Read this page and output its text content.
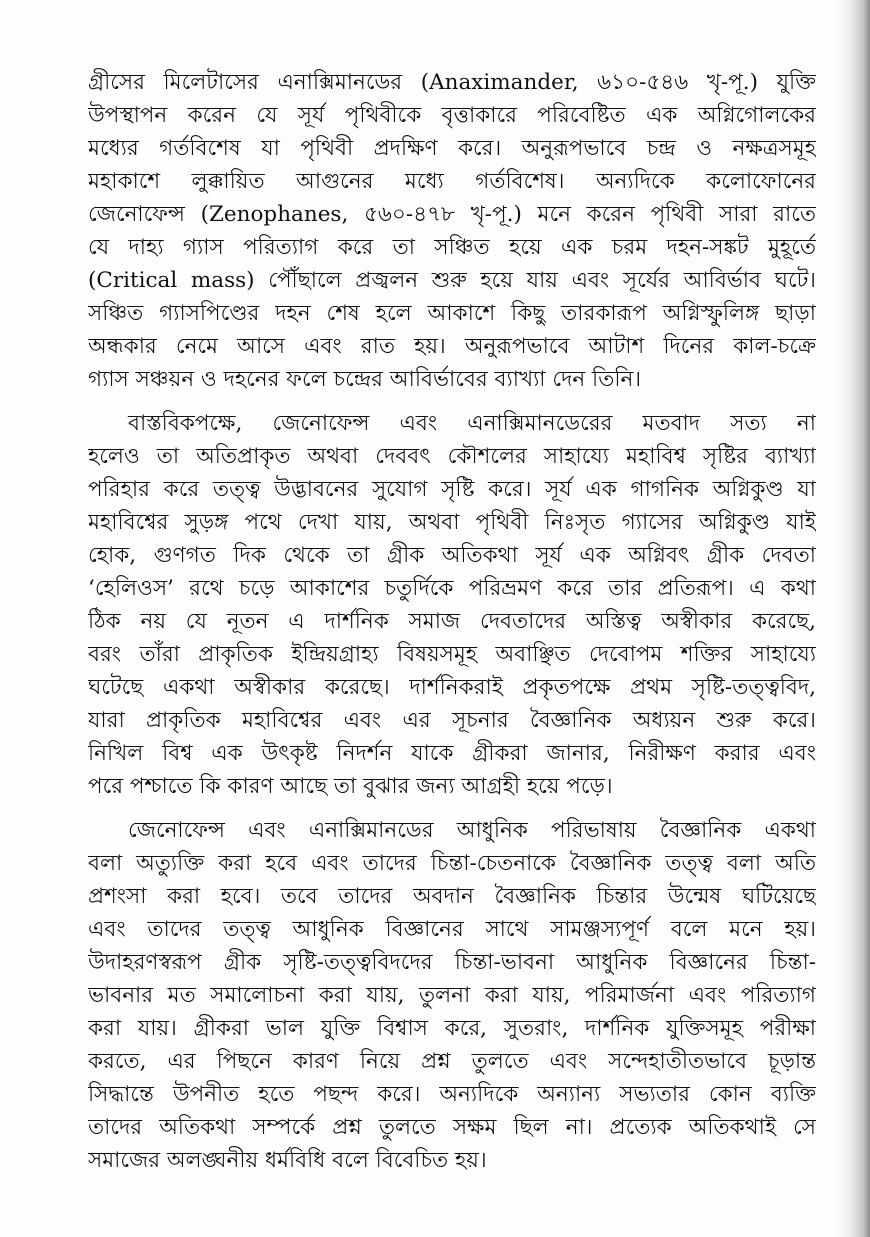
গ্রীসের মিলেটাসের এনাক্সিমানডের (Anaximander, ৬১০-৫৪৬ খৃ-পূ.) যুক্তি
উপস্থাপন করেন যে সূর্য পৃথিবীকে বৃত্তাকারে পরিবেষ্টিত এক অগ্নিগোলকের
মধ্যের গর্তবিশেষ যা পৃথিবী প্রদক্ষিণ করে। অনুরূপভাবে চন্দ্র ও নক্ষত্রসমূহ
মহাকাশে লুক্কায়িত আগুনের মধ্যে গর্তবিশেষ। অন্যদিকে কলোফোনের
জেনোফেন্স (Zenophanes, ৫৬০-৪৭৮ খৃ-পূ.) মনে করেন পৃথিবী সারা রাতে
যে দাহ্য গ্যাস পরিত্যাগ করে তা সঞ্চিত হয়ে এক চরম দহন-সঙ্কট মুহূর্তে
(Critical mass) পৌঁছালে প্রজ্বলন শুরু হয়ে যায় এবং সূর্যের আবির্ভাব ঘটে।
সঞ্চিত গ্যাসপিণ্ডের দহন শেষ হলে আকাশে কিছু তারকারূপ অগ্নিস্ফুলিঙ্গ ছাড়া
অন্ধকার নেমে আসে এবং রাত হয়। অনুরূপভাবে আটাশ দিনের কাল-চক্রে
গ্যাস সঞ্চয়ন ও দহনের ফলে চন্দ্রের আবির্ভাবের ব্যাখ্যা দেন তিনি।

বাস্তবিকপক্ষে, জেনোফেন্স এবং এনাক্সিমানডেরের মতবাদ সত্য না
হলেও তা অতিপ্রাকৃত অথবা দেববৎ কৌশলের সাহায্যে মহাবিশ্ব সৃষ্টির ব্যাখ্যা
পরিহার করে তত্ত্ব উদ্ভাবনের সুযোগ সৃষ্টি করে। সূর্য এক গাগনিক অগ্নিকুণ্ড যা
মহাবিশ্বের সুড়ঙ্গ পথে দেখা যায়, অথবা পৃথিবী নিঃসৃত গ্যাসের অগ্নিকুণ্ড যাই
হোক, গুণগত দিক থেকে তা গ্রীক অতিকথা সূর্য এক অগ্নিবৎ গ্রীক দেবতা
‘হেলিওস’ রথে চড়ে আকাশের চতুর্দিকে পরিভ্রমণ করে তার প্রতিরূপ। এ কথা
ঠিক নয় যে নূতন এ দার্শনিক সমাজ দেবতাদের অস্তিত্ব অস্বীকার করেছে,
বরং তাঁরা প্রাকৃতিক ইন্দ্রিয়গ্রাহ্য বিষয়সমূহ অবাঞ্ছিত দেবোপম শক্তির সাহায্যে
ঘটেছে একথা অস্বীকার করেছে। দার্শনিকরাই প্রকৃতপক্ষে প্রথম সৃষ্টি-তত্ত্ববিদ,
যারা প্রাকৃতিক মহাবিশ্বের এবং এর সূচনার বৈজ্ঞানিক অধ্যয়ন শুরু করে।
নিখিল বিশ্ব এক উৎকৃষ্ট নিদর্শন যাকে গ্রীকরা জানার, নিরীক্ষণ করার এবং
পরে পশ্চাতে কি কারণ আছে তা বুঝার জন্য আগ্রহী হয়ে পড়ে।

জেনোফেন্স এবং এনাক্সিমানডের আধুনিক পরিভাষায় বৈজ্ঞানিক একথা
বলা অত্যুক্তি করা হবে এবং তাদের চিন্তা-চেতনাকে বৈজ্ঞানিক তত্ত্ব বলা অতি
প্রশংসা করা হবে। তবে তাদের অবদান বৈজ্ঞানিক চিন্তার উন্মেষ ঘটিয়েছে
এবং তাদের তত্ত্ব আধুনিক বিজ্ঞানের সাথে সামঞ্জস্যপূর্ণ বলে মনে হয়।
উদাহরণস্বরূপ গ্রীক সৃষ্টি-তত্ত্ববিদদের চিন্তা-ভাবনা আধুনিক বিজ্ঞানের চিন্তা-
ভাবনার মত সমালোচনা করা যায়, তুলনা করা যায়, পরিমার্জনা এবং পরিত্যাগ
করা যায়। গ্রীকরা ভাল যুক্তি বিশ্বাস করে, সুতরাং, দার্শনিক যুক্তিসমূহ পরীক্ষা
করতে, এর পিছনে কারণ নিয়ে প্রশ্ন তুলতে এবং সন্দেহাতীতভাবে চূড়ান্ত
সিদ্ধান্তে উপনীত হতে পছন্দ করে। অন্যদিকে অন্যান্য সভ্যতার কোন ব্যক্তি
তাদের অতিকথা সম্পর্কে প্রশ্ন তুলতে সক্ষম ছিল না। প্রত্যেক অতিকথাই সে
সমাজের অলঙ্ঘনীয় ধর্মবিধি বলে বিবেচিত হয়।
